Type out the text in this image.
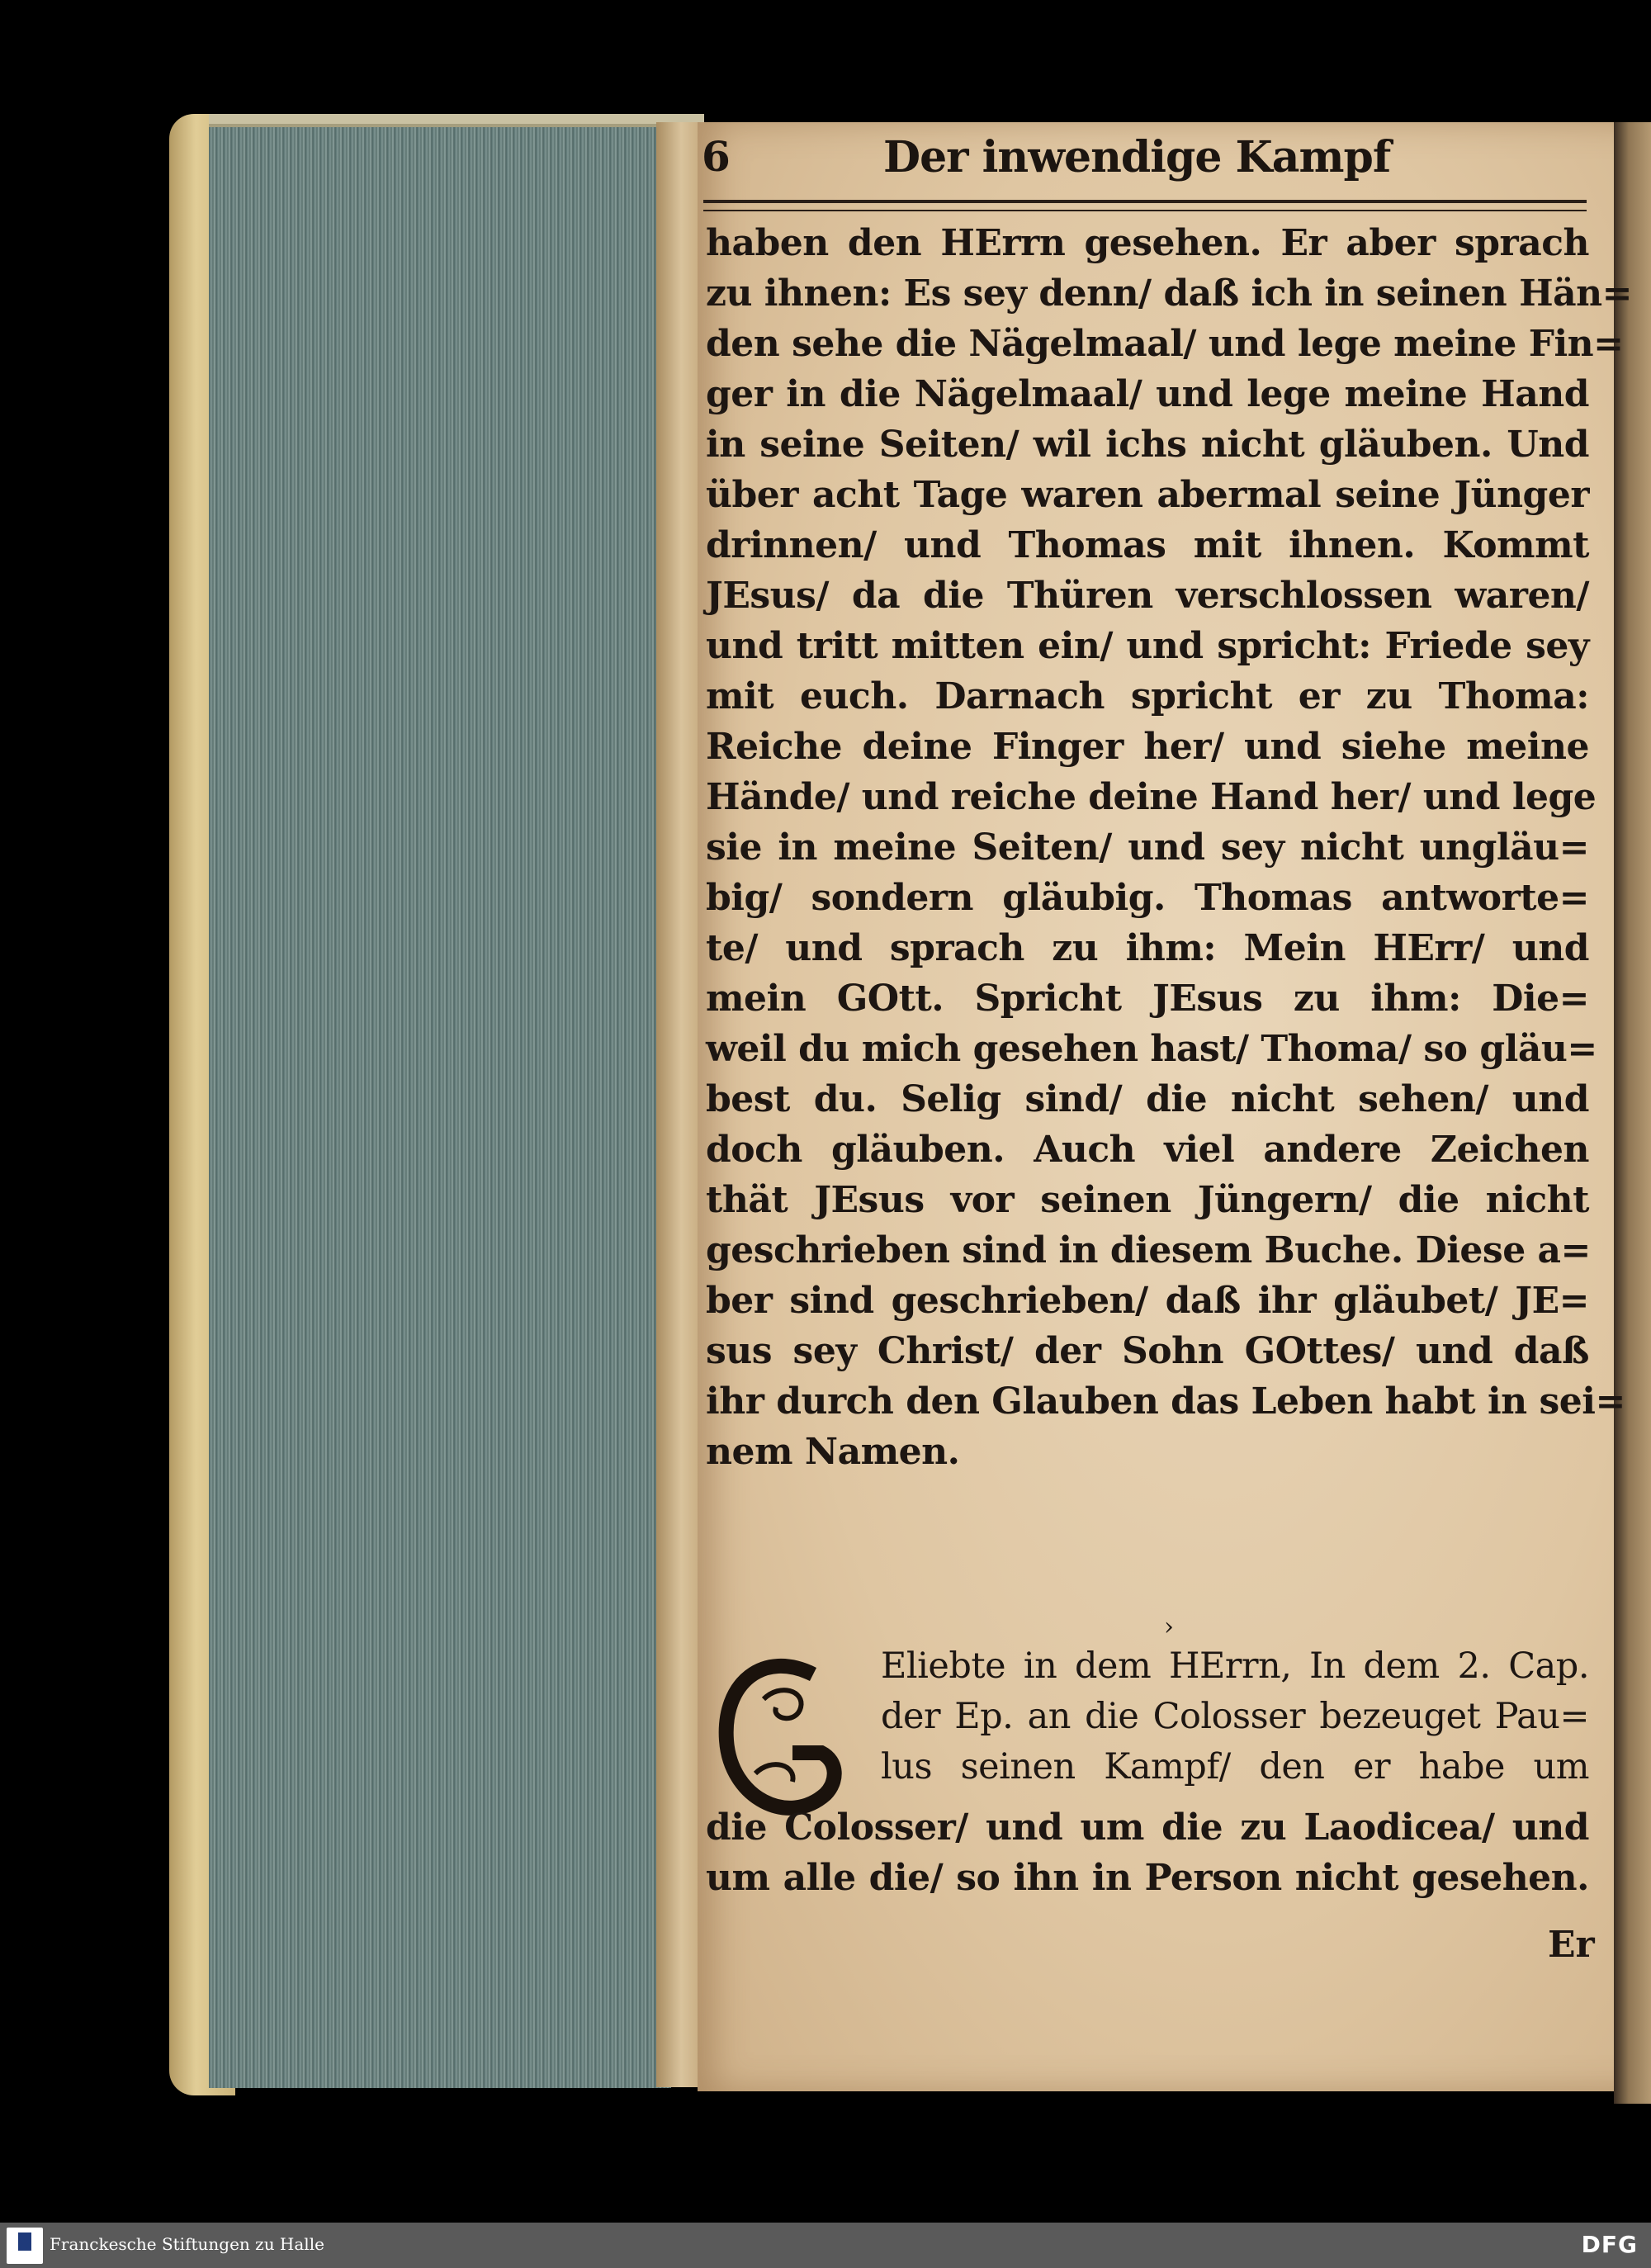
6	Der inwendige Kampf
haben den HErrn gesehen. Er aber sprach
zu ihnen: Es sey denn/ daß ich in seinen Hän=
den sehe die Nägelmaal/ und lege meine Fin=
ger in die Nägelmaal/ und lege meine Hand
in seine Seiten/ wil ichs nicht gläuben. Und
über acht Tage waren abermal seine Jünger
drinnen/ und Thomas mit ihnen. Kommt
JEsus/ da die Thüren verschlossen waren/
und tritt mitten ein/ und spricht: Friede sey
mit euch. Darnach spricht er zu Thoma:
Reiche deine Finger her/ und siehe meine
Hände/ und reiche deine Hand her/ und lege
sie in meine Seiten/ und sey nicht ungläu=
big/ sondern gläubig. Thomas antworte=
te/ und sprach zu ihm: Mein HErr/ und
mein GOtt. Spricht JEsus zu ihm: Die=
weil du mich gesehen hast/ Thoma/ so gläu=
best du. Selig sind/ die nicht sehen/ und
doch gläuben. Auch viel andere Zeichen
thät JEsus vor seinen Jüngern/ die nicht
geschrieben sind in diesem Buche. Diese a=
ber sind geschrieben/ daß ihr gläubet/ JE=
sus sey Christ/ der Sohn GOttes/ und daß
ihr durch den Glauben das Leben habt in sei=
nem Namen.
›
Eliebte in dem HErrn, In dem 2. Cap.
der Ep. an die Colosser bezeuget Pau=
lus seinen Kampf/ den er habe um
die Colosser/ und um die zu Laodicea/ und
um alle die/ so ihn in Person nicht gesehen.
Er
Franckesche Stiftungen zu Halle	DFG
